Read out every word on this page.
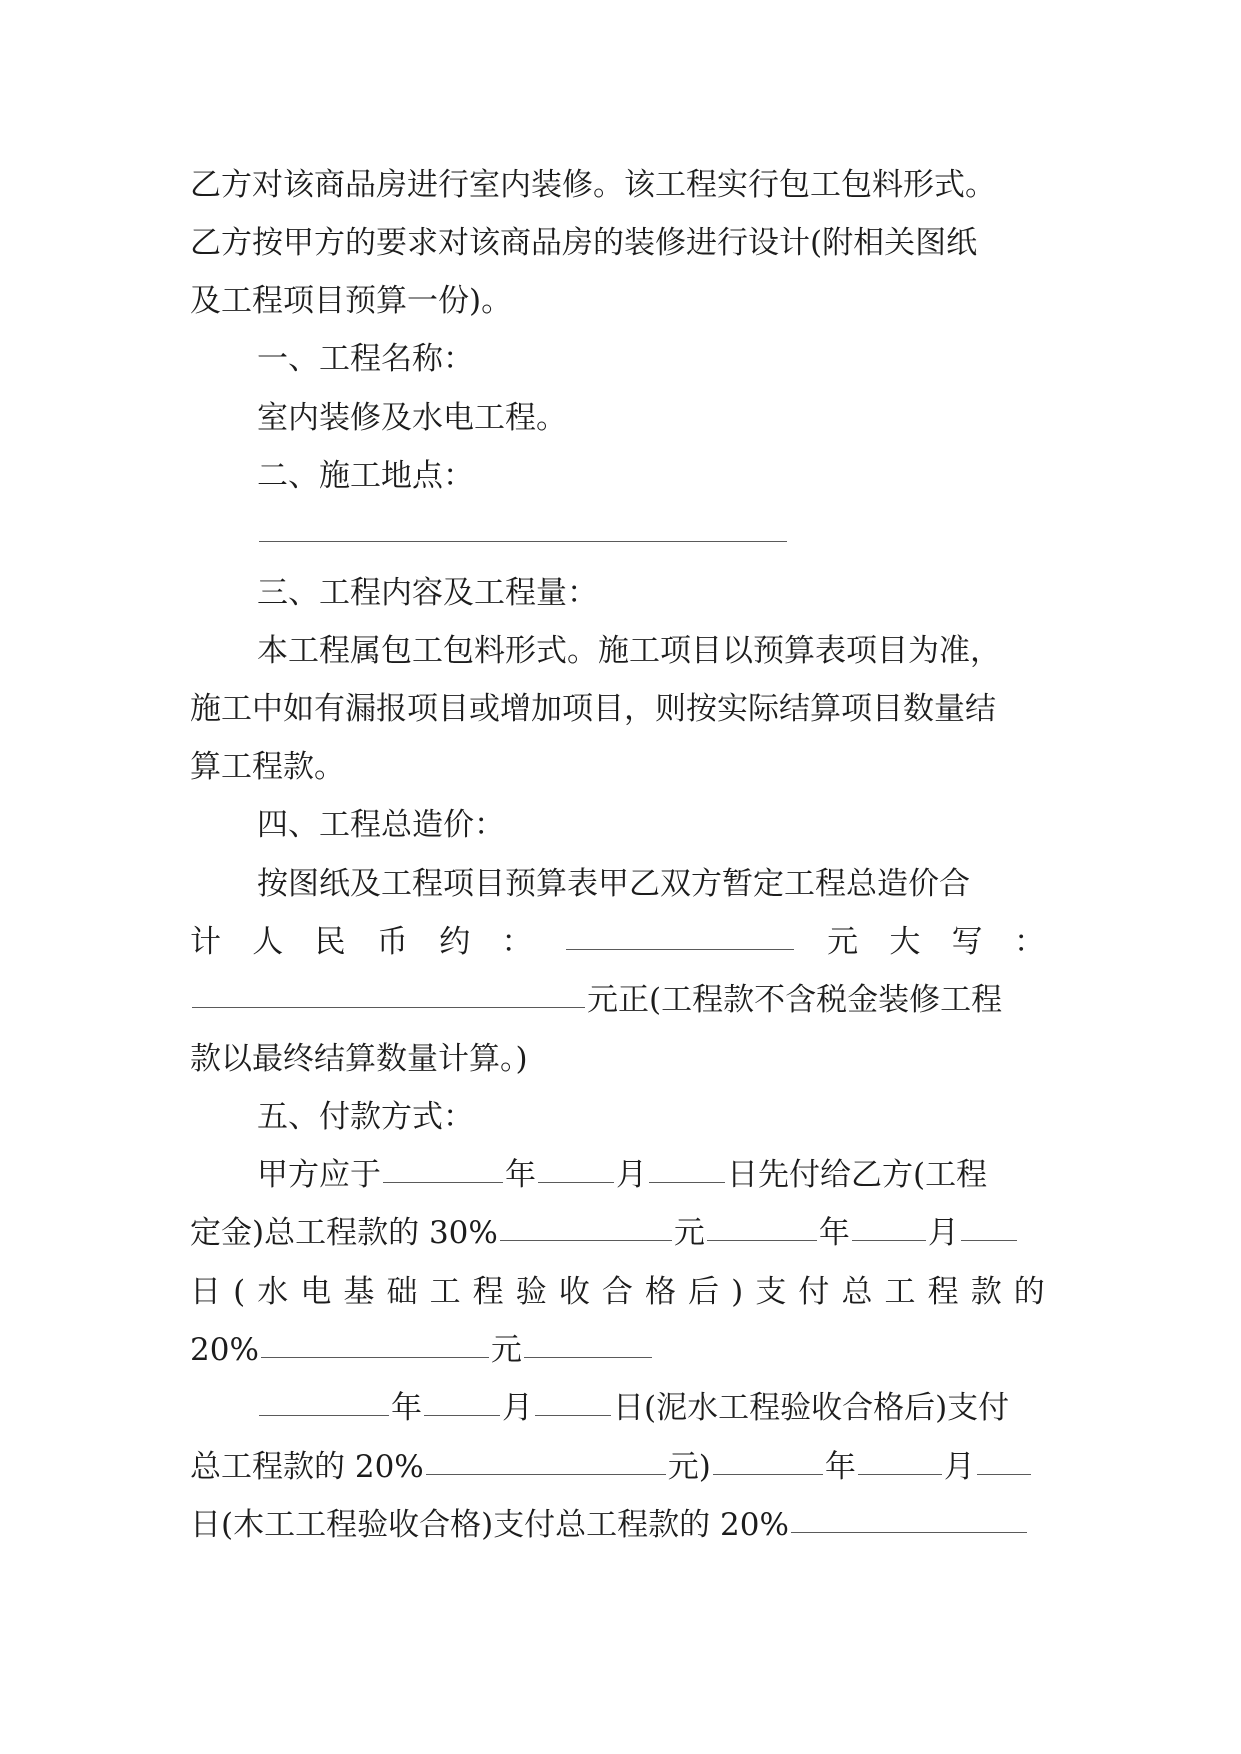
乙方对该商品房进行室内装修。该工程实行包工包料形式。

乙方按甲方的要求对该商品房的装修进行设计(附相关图纸

及工程项目预算一份)。

一、工程名称：

室内装修及水电工程。

二、施工地点：

三、工程内容及工程量：

本工程属包工包料形式。施工项目以预算表项目为准，

施工中如有漏报项目或增加项目，则按实际结算项目数量结

算工程款。

四、工程总造价：

按图纸及工程项目预算表甲乙双方暂定工程总造价合

计 人 民 币 约 ：	元 大 写 ：

元正(工程款不含税金装修工程

款以最终结算数量计算。)

五、付款方式：

甲方应于	年	月	日先付给乙方(工程

定金)总工程款的 30%	元	年	月

日 ( 水 电 基 础 工 程 验 收 合 格 后 ) 支 付 总 工 程 款 的

20%	元

年	月	日(泥水工程验收合格后)支付

总工程款的 20%	元)	年	月

日(木工工程验收合格)支付总工程款的 20%
